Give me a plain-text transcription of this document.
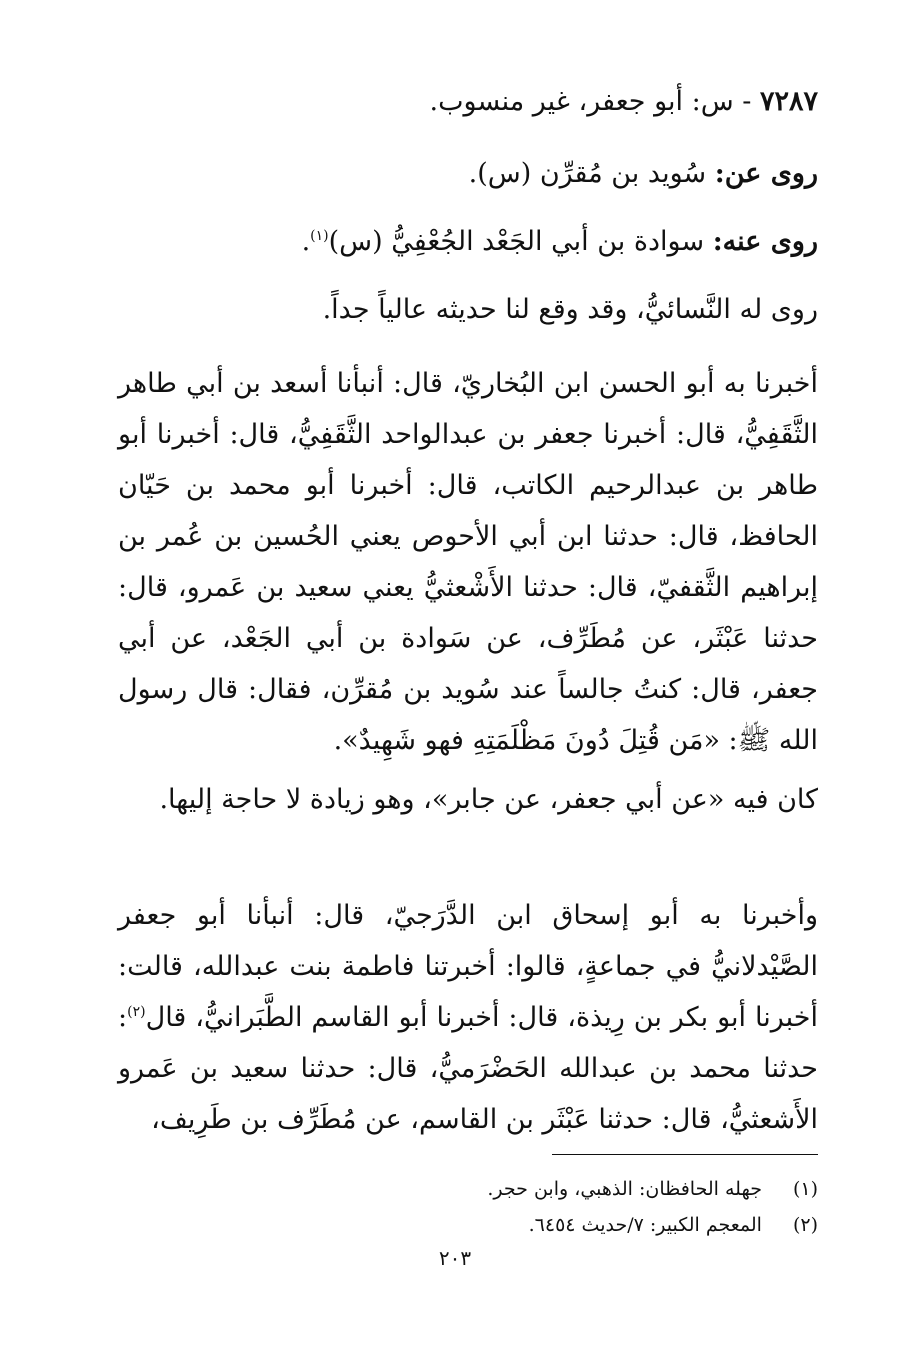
٧٢٨٧ - س: أبو جعفر، غير منسوب.
روى عن: سُويد بن مُقرِّن (س).
روى عنه: سوادة بن أبي الجَعْد الجُعْفِيُّ (س)$^{(١)}$.
روى له النَّسائيُّ، وقد وقع لنا حديثه عالياً جداً.
أخبرنا به أبو الحسن ابن البُخاريّ، قال: أنبأنا أسعد بن أبي طاهر الثَّقَفِيُّ، قال: أخبرنا جعفر بن عبدالواحد الثَّقَفِيُّ، قال: أخبرنا أبو طاهر بن عبدالرحيم الكاتب، قال: أخبرنا أبو محمد بن حَيّان الحافظ، قال: حدثنا ابن أبي الأحوص يعني الحُسين بن عُمر بن إبراهيم الثَّقفيّ، قال: حدثنا الأَشْعثيُّ يعني سعيد بن عَمرو، قال: حدثنا عَبْثَر، عن مُطَرِّف، عن سَوادة بن أبي الجَعْد، عن أبي جعفر، قال: كنتُ جالساً عند سُويد بن مُقرِّن، فقال: قال رسول الله ﷺ: «مَن قُتِلَ دُونَ مَظْلَمَتِهِ فهو شَهِيدٌ».
كان فيه «عن أبي جعفر، عن جابر»، وهو زيادة لا حاجة إليها.
وأخبرنا به أبو إسحاق ابن الدَّرَجيّ، قال: أنبأنا أبو جعفر الصَّيْدلانيُّ في جماعةٍ، قالوا: أخبرتنا فاطمة بنت عبدالله، قالت: أخبرنا أبو بكر بن رِيذة، قال: أخبرنا أبو القاسم الطَّبَرانيُّ، قال$^{(٢)}$: حدثنا محمد بن عبدالله الحَضْرَميُّ، قال: حدثنا سعيد بن عَمرو الأَشعثيُّ، قال: حدثنا عَبْثَر بن القاسم، عن مُطَرِّف بن طَرِيف،
(١) جهله الحافظان: الذهبي، وابن حجر.
(٢) المعجم الكبير: ٧/حديث ٦٤٥٤.
٢٠٣
